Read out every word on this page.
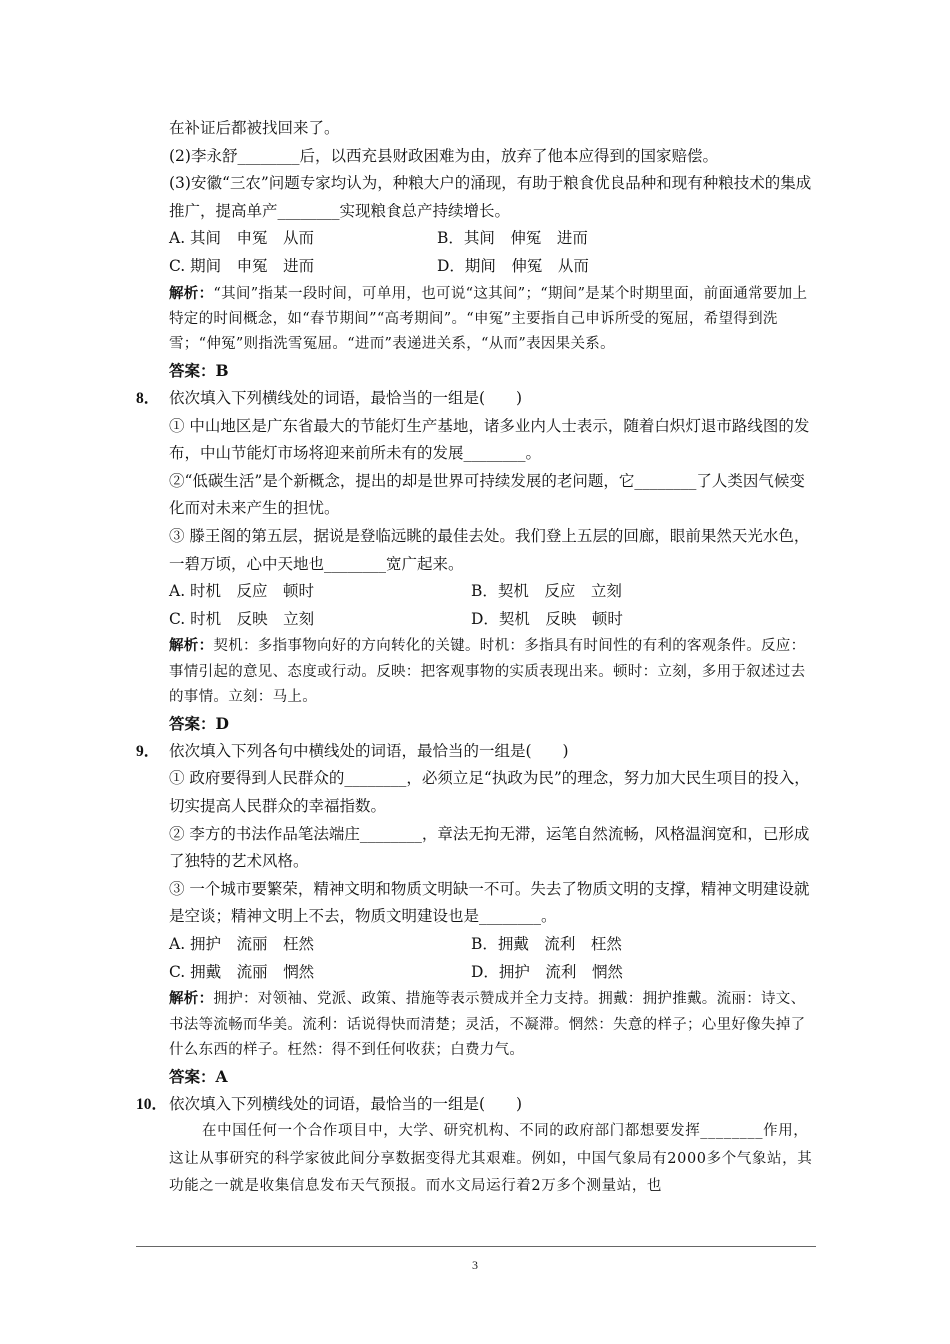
在补证后都被找回来了。

(2)李永舒________后，以西充县财政困难为由，放弃了他本应得到的国家赔偿。

(3)安徽“三农”问题专家均认为，种粮大户的涌现，有助于粮食优良品种和现有种粮技术的集成推广，提高单产________实现粮食总产持续增长。

A. 其间　申冤　从而	B．其间　伸冤　进而
C. 期间　申冤　进而	D．期间　伸冤　从而

解析：“其间”指某一段时间，可单用，也可说“这其间”；“期间”是某个时期里面，前面通常要加上特定的时间概念，如“春节期间”“高考期间”。“申冤”主要指自己申诉所受的冤屈，希望得到洗雪；“伸冤”则指洗雪冤屈。“进而”表递进关系，“从而”表因果关系。

答案：B

8． 依次填入下列横线处的词语，最恰当的一组是(　　)

① 中山地区是广东省最大的节能灯生产基地，诸多业内人士表示，随着白炽灯退市路线图的发布，中山节能灯市场将迎来前所未有的发展________。

②“低碳生活”是个新概念，提出的却是世界可持续发展的老问题，它________了人类因气候变化而对未来产生的担忧。

③ 滕王阁的第五层，据说是登临远眺的最佳去处。我们登上五层的回廊，眼前果然天光水色，一碧万顷，心中天地也________宽广起来。

A. 时机　反应　顿时	B．契机　反应　立刻
C. 时机　反映　立刻	D．契机　反映　顿时

解析：契机：多指事物向好的方向转化的关键。时机：多指具有时间性的有利的客观条件。反应：事情引起的意见、态度或行动。反映：把客观事物的实质表现出来。顿时：立刻，多用于叙述过去的事情。立刻：马上。

答案：D

9． 依次填入下列各句中横线处的词语，最恰当的一组是(　　)

① 政府要得到人民群众的________，必须立足“执政为民”的理念，努力加大民生项目的投入，切实提高人民群众的幸福指数。

② 李方的书法作品笔法端庄________，章法无拘无滞，运笔自然流畅，风格温润宽和，已形成了独特的艺术风格。

③ 一个城市要繁荣，精神文明和物质文明缺一不可。失去了物质文明的支撑，精神文明建设就是空谈；精神文明上不去，物质文明建设也是________。

A. 拥护　流丽　枉然	B．拥戴　流利　枉然
C. 拥戴　流丽　惘然	D．拥护　流利　惘然

解析：拥护：对领袖、党派、政策、措施等表示赞成并全力支持。拥戴：拥护推戴。流丽：诗文、书法等流畅而华美。流利：话说得快而清楚；灵活，不凝滞。惘然：失意的样子；心里好像失掉了什么东西的样子。枉然：得不到任何收获；白费力气。

答案：A

10． 依次填入下列横线处的词语，最恰当的一组是(　　)

在中国任何一个合作项目中，大学、研究机构、不同的政府部门都想要发挥________作用，这让从事研究的科学家彼此间分享数据变得尤其艰难。例如，中国气象局有2000多个气象站，其功能之一就是收集信息发布天气预报。而水文局运行着2万多个测量站，也

3
